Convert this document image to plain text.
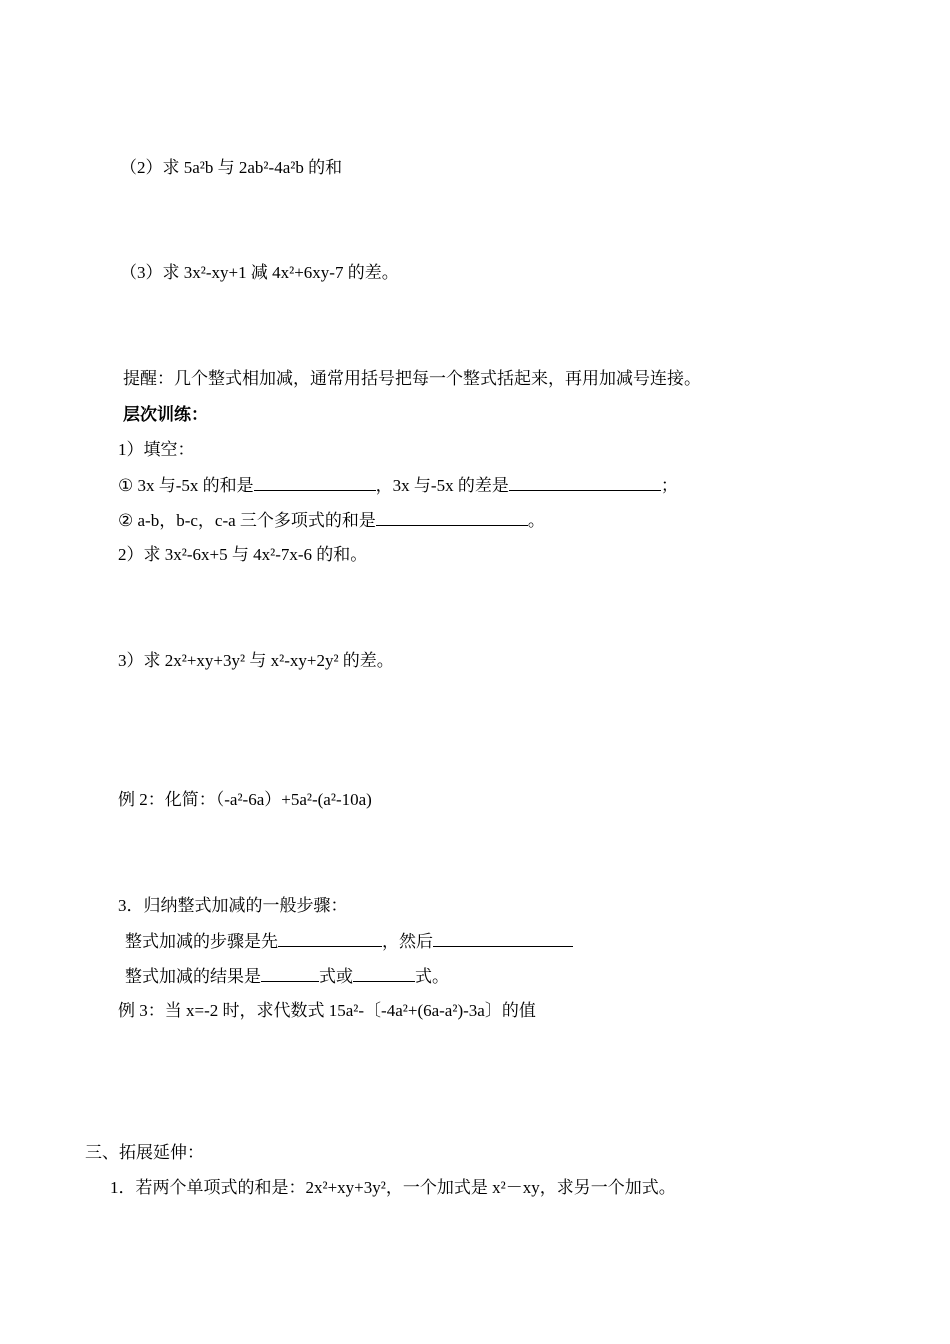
（2）求 5a²b 与 2ab²-4a²b 的和
（3）求 3x²-xy+1 减 4x²+6xy-7 的差。
提醒：几个整式相加减，通常用括号把每一个整式括起来，再用加减号连接。
层次训练：
1）填空：
① 3x 与-5x 的和是	，3x 与-5x 的差是	；
② a-b，b-c，c-a 三个多项式的和是	。
2）求 3x²-6x+5 与 4x²-7x-6 的和。
3）求 2x²+xy+3y² 与 x²-xy+2y² 的差。
例 2：化简：（-a²-6a）+5a²-(a²-10a)
3．归纳整式加减的一般步骤：
整式加减的步骤是先	，然后
整式加减的结果是	式或	式。
例 3：当 x=-2 时，求代数式 15a²-〔-4a²+(6a-a²)-3a〕的值
三、拓展延伸：
1．若两个单项式的和是：2x²+xy+3y²，一个加式是 x²－xy，求另一个加式。
